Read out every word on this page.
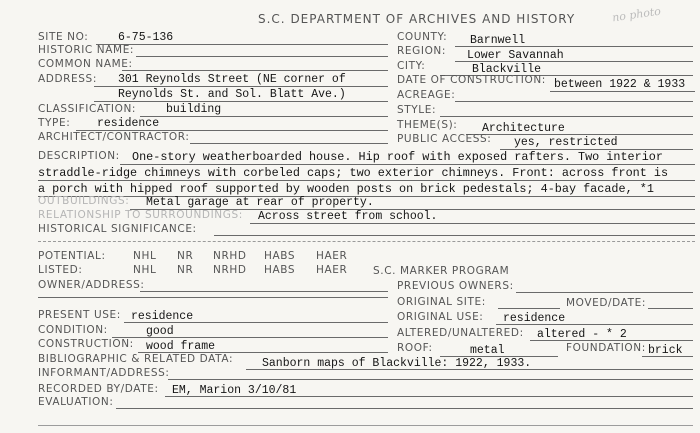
S.C. DEPARTMENT OF ARCHIVES AND HISTORY	no photo
SITE NO:	6-75-136
HISTORIC NAME:
COMMON NAME:
ADDRESS: 301 Reynolds Street (NE corner of
Reynolds St. and Sol. Blatt Ave.)
CLASSIFICATION:	building
TYPE: residence
ARCHITECT/CONTRACTOR:
COUNTY: Barnwell
REGION: Lower Savannah
CITY:	Blackville
DATE OF CONSTRUCTION: between 1922 & 1933
ACREAGE:
STYLE:
THEME(S): Architecture
PUBLIC ACCESS: yes, restricted
DESCRIPTION: One-story weatherboarded house. Hip roof with exposed rafters. Two interior
straddle-ridge chimneys with corbeled caps; two exterior chimneys. Front: across front is
a porch with hipped roof supported by wooden posts on brick pedestals; 4-bay facade, *1
OUTBUILDINGS: Metal garage at rear of property.
RELATIONSHIP TO SURROUNDINGS: Across street from school.
HISTORICAL SIGNIFICANCE:
POTENTIAL:	NHL NR NRHD HABS HAER
LISTED:	NHL NR NRHD HABS HAER S.C. MARKER PROGRAM
OWNER/ADDRESS:	PREVIOUS OWNERS:
ORIGINAL SITE:	MOVED/DATE:
PRESENT USE: residence	ORIGINAL USE: residence
CONDITION:	good	ALTERED/UNALTERED: altered - * 2
CONSTRUCTION: wood frame	ROOF:	metal	FOUNDATION: brick
BIBLIOGRAPHIC & RELATED DATA:	Sanborn maps of Blackville: 1922, 1933.
INFORMANT/ADDRESS:
RECORDED BY/DATE: EM, Marion 3/10/81
EVALUATION:
